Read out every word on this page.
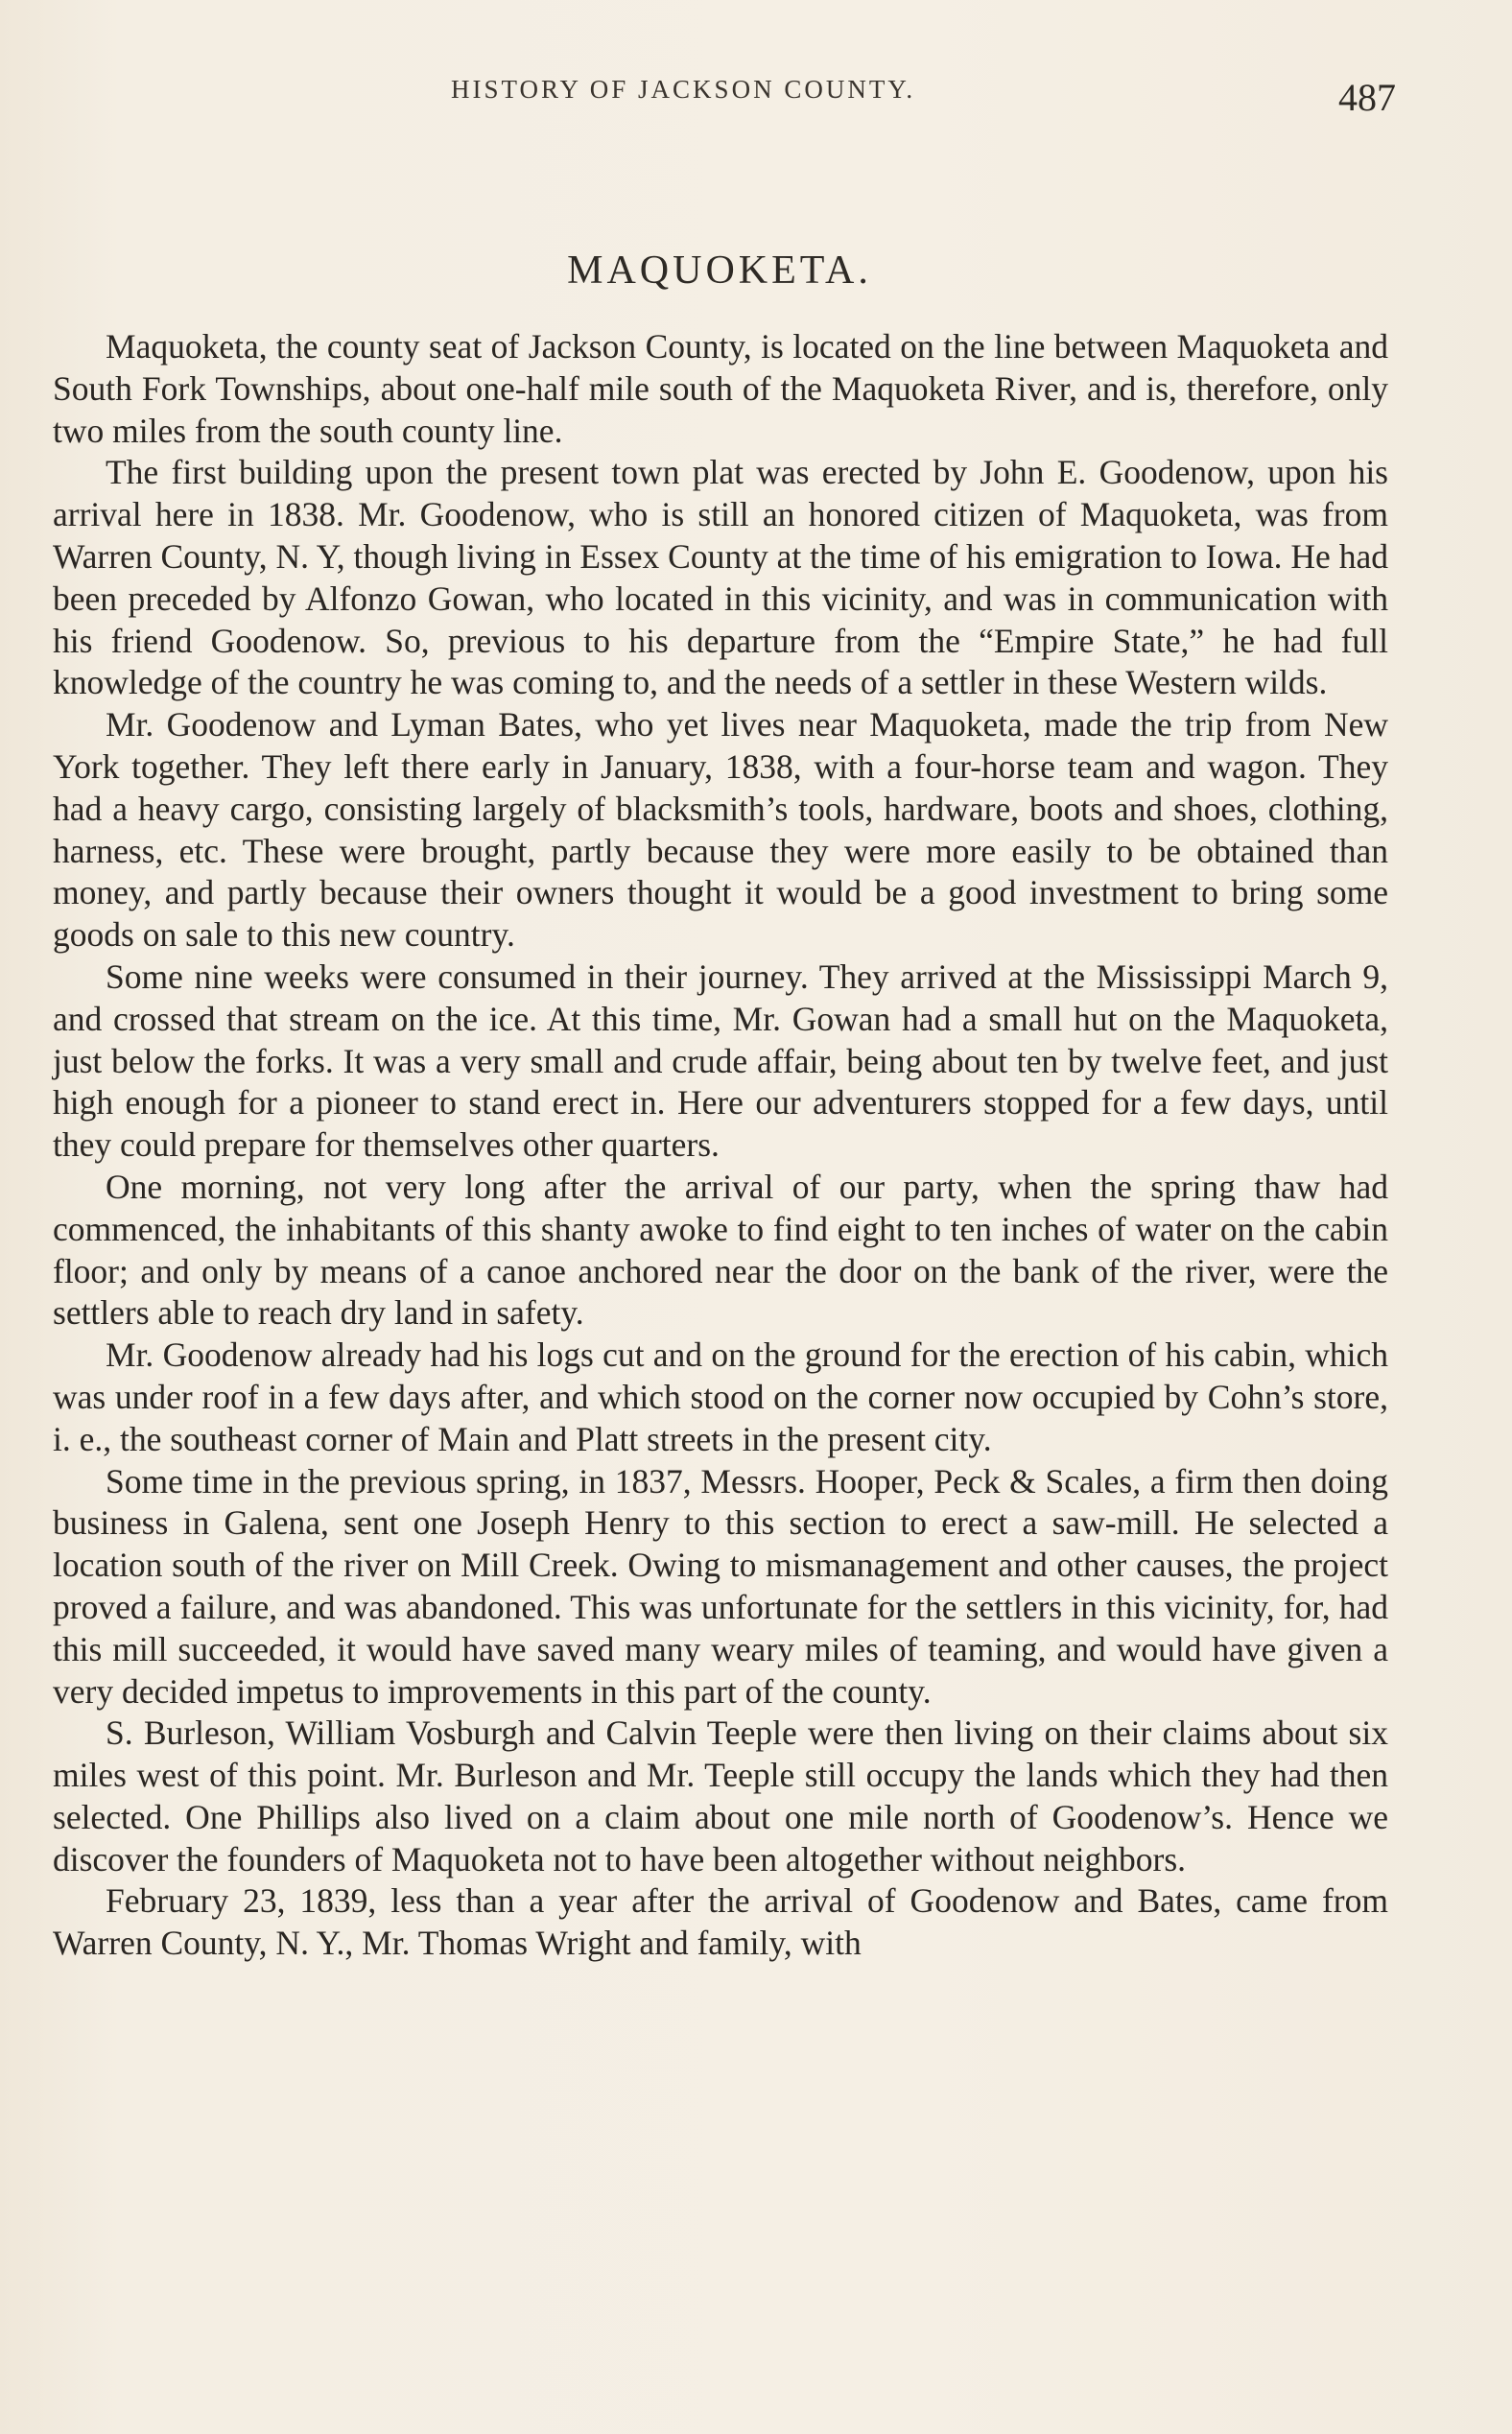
HISTORY OF JACKSON COUNTY.	487
MAQUOKETA.

Maquoketa, the county seat of Jackson County, is located on the line between Maquoketa and South Fork Townships, about one-half mile south of the Maquoketa River, and is, therefore, only two miles from the south county line.

The first building upon the present town plat was erected by John E. Goodenow, upon his arrival here in 1838. Mr. Goodenow, who is still an honored citizen of Maquoketa, was from Warren County, N. Y, though living in Essex County at the time of his emigration to Iowa. He had been preceded by Alfonzo Gowan, who located in this vicinity, and was in communication with his friend Goodenow. So, previous to his departure from the “Empire State,” he had full knowledge of the country he was coming to, and the needs of a settler in these Western wilds.

Mr. Goodenow and Lyman Bates, who yet lives near Maquoketa, made the trip from New York together. They left there early in January, 1838, with a four-horse team and wagon. They had a heavy cargo, consisting largely of blacksmith’s tools, hardware, boots and shoes, clothing, harness, etc. These were brought, partly because they were more easily to be obtained than money, and partly because their owners thought it would be a good investment to bring some goods on sale to this new country.

Some nine weeks were consumed in their journey. They arrived at the Mississippi March 9, and crossed that stream on the ice. At this time, Mr. Gowan had a small hut on the Maquoketa, just below the forks. It was a very small and crude affair, being about ten by twelve feet, and just high enough for a pioneer to stand erect in. Here our adventurers stopped for a few days, until they could prepare for themselves other quarters.

One morning, not very long after the arrival of our party, when the spring thaw had commenced, the inhabitants of this shanty awoke to find eight to ten inches of water on the cabin floor; and only by means of a canoe anchored near the door on the bank of the river, were the settlers able to reach dry land in safety.

Mr. Goodenow already had his logs cut and on the ground for the erection of his cabin, which was under roof in a few days after, and which stood on the corner now occupied by Cohn’s store, i. e., the southeast corner of Main and Platt streets in the present city.

Some time in the previous spring, in 1837, Messrs. Hooper, Peck & Scales, a firm then doing business in Galena, sent one Joseph Henry to this section to erect a saw-mill. He selected a location south of the river on Mill Creek. Owing to mismanagement and other causes, the project proved a failure, and was abandoned. This was unfortunate for the settlers in this vicinity, for, had this mill succeeded, it would have saved many weary miles of teaming, and would have given a very decided impetus to improvements in this part of the county.

S. Burleson, William Vosburgh and Calvin Teeple were then living on their claims about six miles west of this point. Mr. Burleson and Mr. Teeple still occupy the lands which they had then selected. One Phillips also lived on a claim about one mile north of Goodenow’s. Hence we discover the founders of Maquoketa not to have been altogether without neighbors.

February 23, 1839, less than a year after the arrival of Goodenow and Bates, came from Warren County, N. Y., Mr. Thomas Wright and family, with
